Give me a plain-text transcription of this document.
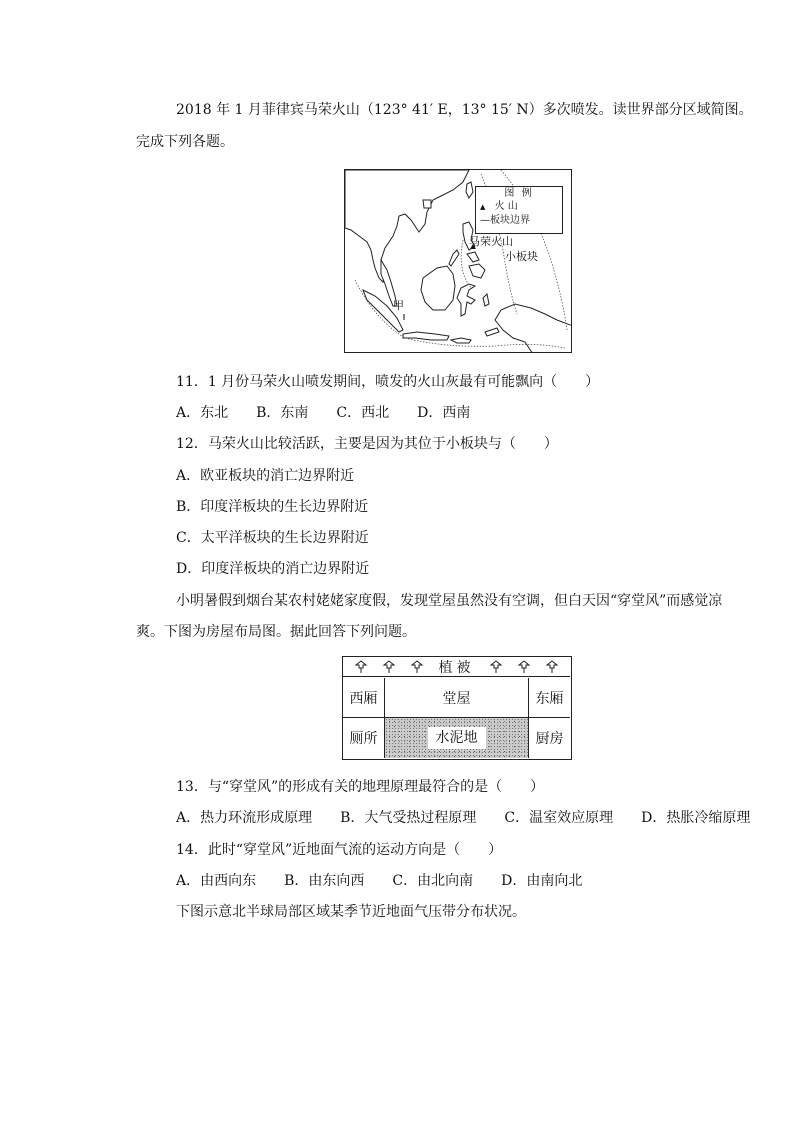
2018 年 1 月菲律宾马荣火山（123° 41′ E，13° 15′ N）多次喷发。读世界部分区域简图。
完成下列各题。
图 例
▲ 火 山
—板块边界
马荣火山
小板块
甲
11．1 月份马荣火山喷发期间，喷发的火山灰最有可能飘向（　　）
A．东北　　B．东南　　C．西北　　D．西南
12．马荣火山比较活跃，主要是因为其位于小板块与（　　）
A．欧亚板块的消亡边界附近
B．印度洋板块的生长边界附近
C．太平洋板块的生长边界附近
D．印度洋板块的消亡边界附近
小明暑假到烟台某农村姥姥家度假，发现堂屋虽然没有空调，但白天因“穿堂风”而感觉凉
爽。下图为房屋布局图。据此回答下列问题。
植被
西厢	堂屋	东厢
厕所	水泥地	厨房
13．与“穿堂风”的形成有关的地理原理最符合的是（　　）
A．热力环流形成原理　　B．大气受热过程原理　　C．温室效应原理　　D．热胀冷缩原理
14．此时“穿堂风”近地面气流的运动方向是（　　）
A．由西向东　　B．由东向西　　C．由北向南　　D．由南向北
下图示意北半球局部区域某季节近地面气压带分布状况。
